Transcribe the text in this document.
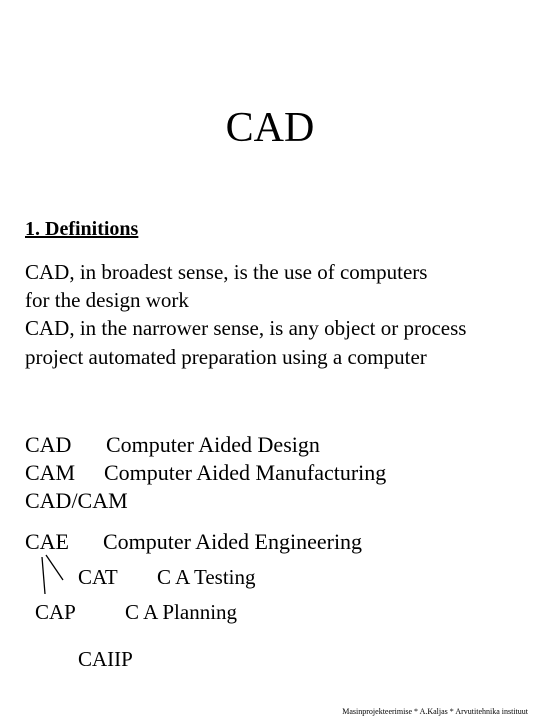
CAD
1. Definitions
CAD, in broadest sense, is the use of computers
for the design work
CAD, in the narrower sense, is any object or process
project automated preparation using a computer
CAD Computer Aided Design
CAM Computer Aided Manufacturing
CAD/CAM
CAE Computer Aided Engineering
CAT C A Testing
CAP C A Planning
CAIIP
Masinprojekteerimise * A.Kaljas * Arvutitehnika instituut
